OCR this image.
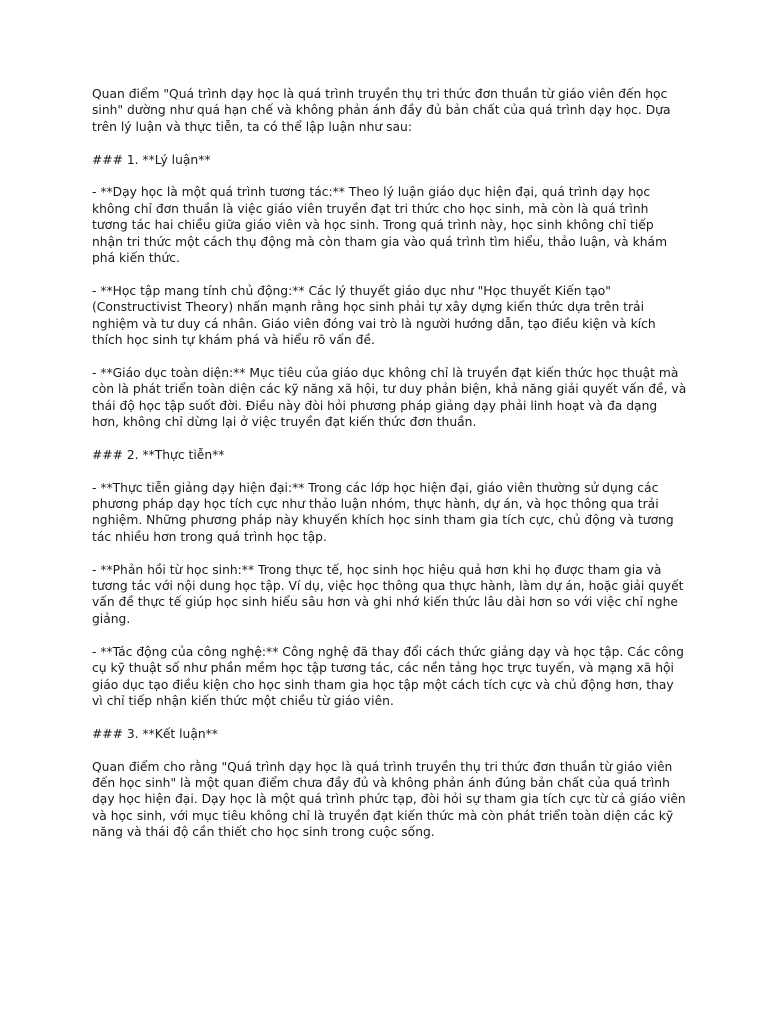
Quan điểm "Quá trình dạy học là quá trình truyền thụ tri thức đơn thuần từ giáo viên đến học sinh" dường như quá hạn chế và không phản ánh đầy đủ bản chất của quá trình dạy học. Dựa trên lý luận và thực tiễn, ta có thể lập luận như sau:

### 1. **Lý luận**

- **Dạy học là một quá trình tương tác:** Theo lý luận giáo dục hiện đại, quá trình dạy học không chỉ đơn thuần là việc giáo viên truyền đạt tri thức cho học sinh, mà còn là quá trình tương tác hai chiều giữa giáo viên và học sinh. Trong quá trình này, học sinh không chỉ tiếp nhận tri thức một cách thụ động mà còn tham gia vào quá trình tìm hiểu, thảo luận, và khám phá kiến thức.

- **Học tập mang tính chủ động:** Các lý thuyết giáo dục như "Học thuyết Kiến tạo" (Constructivist Theory) nhấn mạnh rằng học sinh phải tự xây dựng kiến thức dựa trên trải nghiệm và tư duy cá nhân. Giáo viên đóng vai trò là người hướng dẫn, tạo điều kiện và kích thích học sinh tự khám phá và hiểu rõ vấn đề.

- **Giáo dục toàn diện:** Mục tiêu của giáo dục không chỉ là truyền đạt kiến thức học thuật mà còn là phát triển toàn diện các kỹ năng xã hội, tư duy phản biện, khả năng giải quyết vấn đề, và thái độ học tập suốt đời. Điều này đòi hỏi phương pháp giảng dạy phải linh hoạt và đa dạng hơn, không chỉ dừng lại ở việc truyền đạt kiến thức đơn thuần.

### 2. **Thực tiễn**

- **Thực tiễn giảng dạy hiện đại:** Trong các lớp học hiện đại, giáo viên thường sử dụng các phương pháp dạy học tích cực như thảo luận nhóm, thực hành, dự án, và học thông qua trải nghiệm. Những phương pháp này khuyến khích học sinh tham gia tích cực, chủ động và tương tác nhiều hơn trong quá trình học tập.

- **Phản hồi từ học sinh:** Trong thực tế, học sinh học hiệu quả hơn khi họ được tham gia và tương tác với nội dung học tập. Ví dụ, việc học thông qua thực hành, làm dự án, hoặc giải quyết vấn đề thực tế giúp học sinh hiểu sâu hơn và ghi nhớ kiến thức lâu dài hơn so với việc chỉ nghe giảng.

- **Tác động của công nghệ:** Công nghệ đã thay đổi cách thức giảng dạy và học tập. Các công cụ kỹ thuật số như phần mềm học tập tương tác, các nền tảng học trực tuyến, và mạng xã hội giáo dục tạo điều kiện cho học sinh tham gia học tập một cách tích cực và chủ động hơn, thay vì chỉ tiếp nhận kiến thức một chiều từ giáo viên.

### 3. **Kết luận**

Quan điểm cho rằng "Quá trình dạy học là quá trình truyền thụ tri thức đơn thuần từ giáo viên đến học sinh" là một quan điểm chưa đầy đủ và không phản ánh đúng bản chất của quá trình dạy học hiện đại. Dạy học là một quá trình phức tạp, đòi hỏi sự tham gia tích cực từ cả giáo viên và học sinh, với mục tiêu không chỉ là truyền đạt kiến thức mà còn phát triển toàn diện các kỹ năng và thái độ cần thiết cho học sinh trong cuộc sống.
